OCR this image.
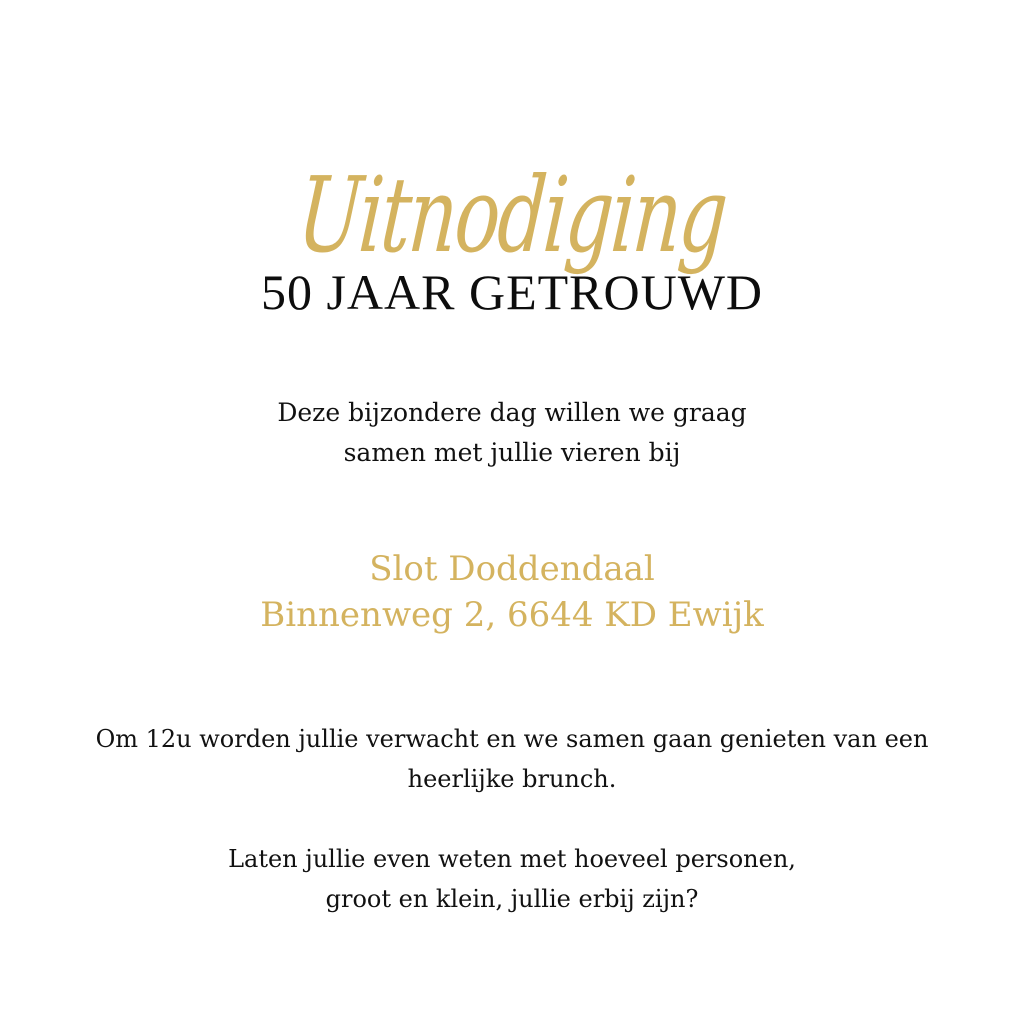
Uitnodiging
50 JAAR GETROUWD
Deze bijzondere dag willen we graag
samen met jullie vieren bij
Slot Doddendaal
Binnenweg 2, 6644 KD Ewijk
Om 12u worden jullie verwacht en we samen gaan genieten van een
heerlijke brunch.
Laten jullie even weten met hoeveel personen,
groot en klein, jullie erbij zijn?
